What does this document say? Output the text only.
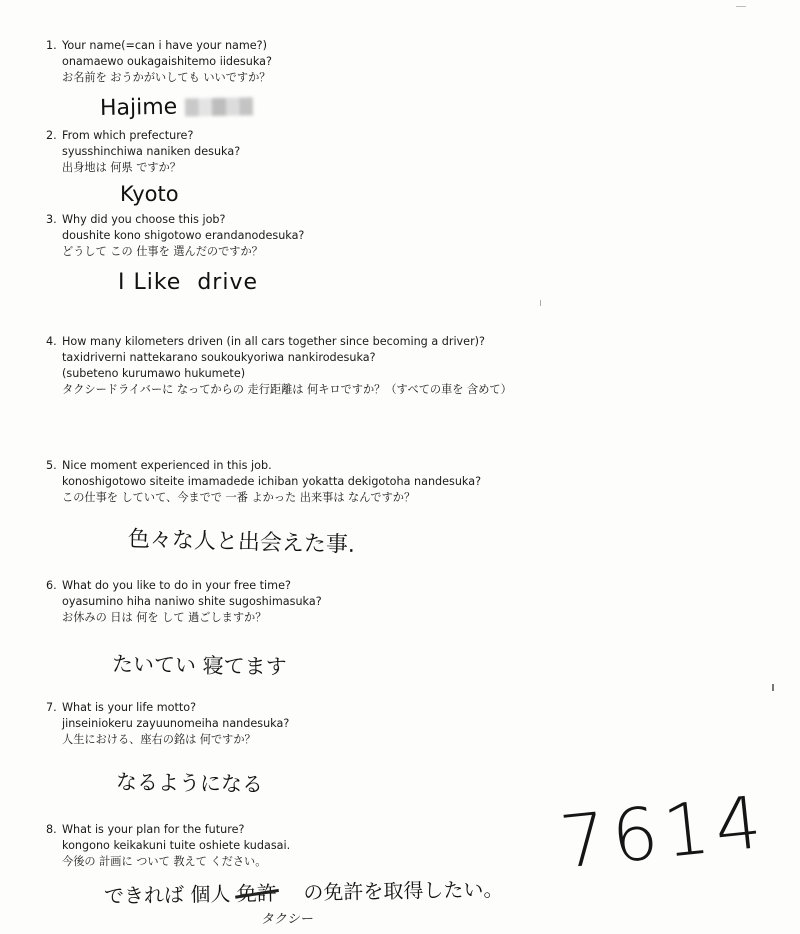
1. Your name(=can i have your name?)
onamaewo oukagaishitemo iidesuka?
お名前を おうかがいしても いいですか？
Hajime
2. From which prefecture?
syusshinchiwa naniken desuka?
出身地は 何県 ですか？
Kyoto
3. Why did you choose this job?
doushite kono shigotowo erandanodesuka?
どうして この 仕事を 選んだのですか？
I Like  drive
4. How many kilometers driven (in all cars together since becoming a driver)?
taxidriverni nattekarano soukoukyoriwa nankirodesuka?
(subeteno kurumawo hukumete)
タクシードライバーに なってからの 走行距離は 何キロですか？（すべての車を 含めて）
5. Nice moment experienced in this job.
konoshigotowo siteite imamadede ichiban yokatta dekigotoha nandesuka?
この仕事を していて、今までで 一番 よかった 出来事は なんですか？
色々な人と出会えた事.
6. What do you like to do in your free time?
oyasumino hiha naniwo shite sugoshimasuka?
お休みの 日は 何を して 過ごしますか？
たいてい 寝てます
7. What is your life motto?
jinseiniokeru zayuunomeiha nandesuka?
人生における、座右の銘は 何ですか？
なるようになる
8. What is your plan for the future?
kongono keikakuni tuite oshiete kudasai.
今後の 計画に ついて 教えて ください。
できれば 個人 免許 の免許を取得したい。
タクシー
7614
